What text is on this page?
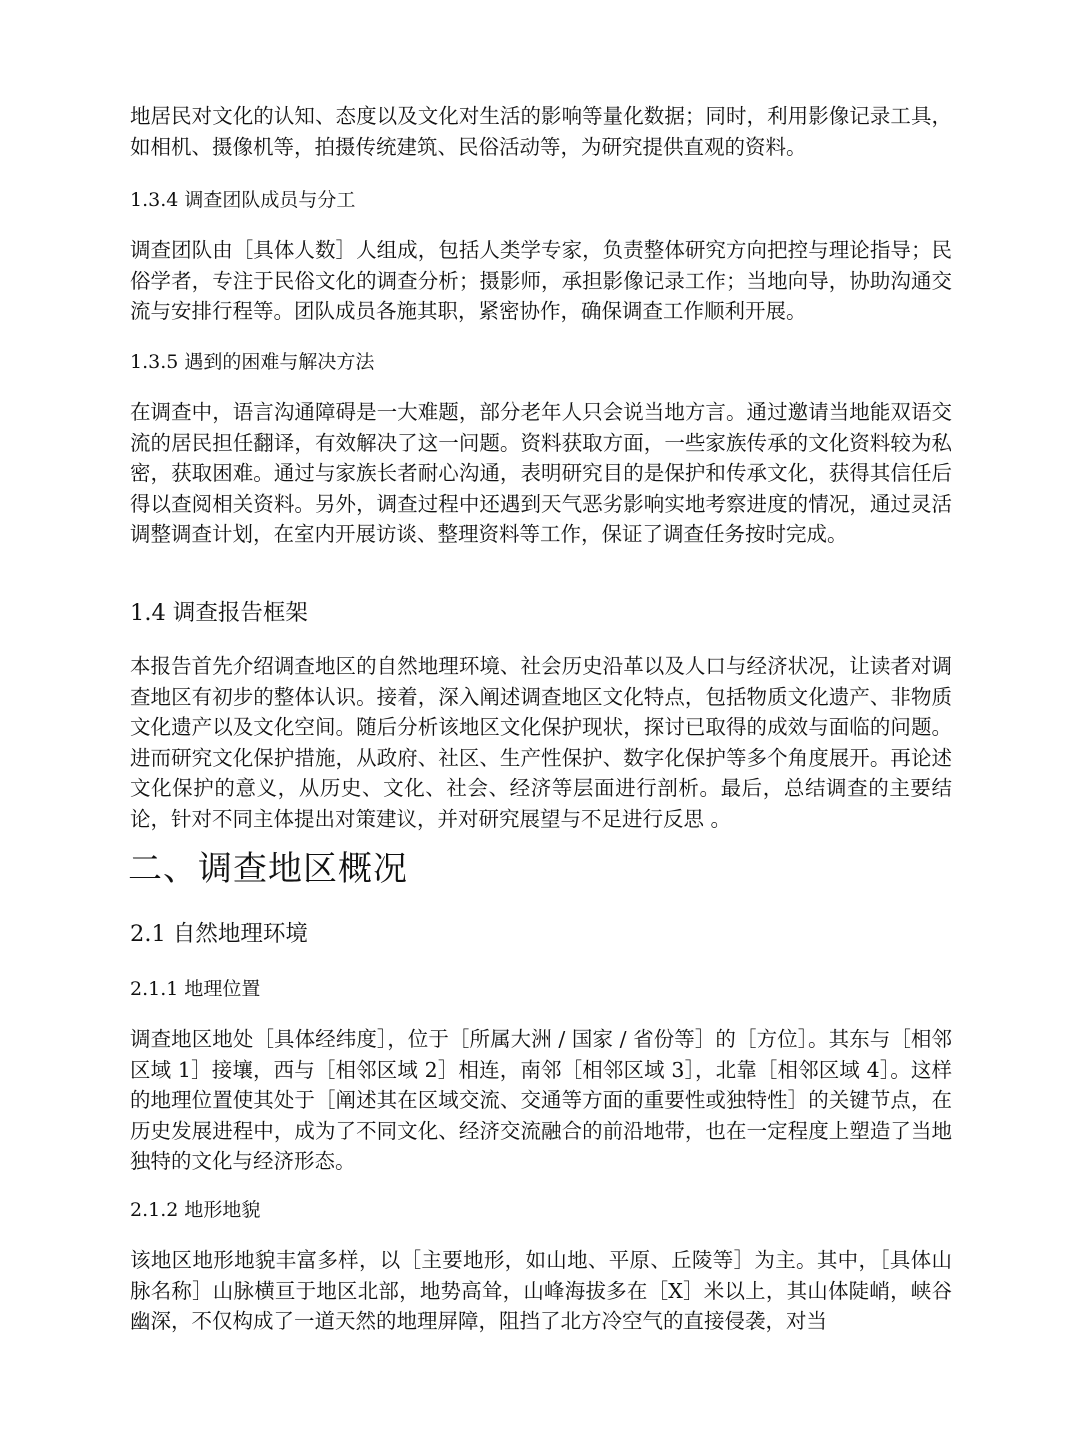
地居民对文化的认知、态度以及文化对生活的影响等量化数据；同时，利用影像记录工具，如相机、摄像机等，拍摄传统建筑、民俗活动等，为研究提供直观的资料。

1.3.4 调查团队成员与分工

调查团队由［具体人数］人组成，包括人类学专家，负责整体研究方向把控与理论指导；民俗学者，专注于民俗文化的调查分析；摄影师，承担影像记录工作；当地向导，协助沟通交流与安排行程等。团队成员各施其职，紧密协作，确保调查工作顺利开展。

1.3.5 遇到的困难与解决方法

在调查中，语言沟通障碍是一大难题，部分老年人只会说当地方言。通过邀请当地能双语交流的居民担任翻译，有效解决了这一问题。资料获取方面，一些家族传承的文化资料较为私密，获取困难。通过与家族长者耐心沟通，表明研究目的是保护和传承文化，获得其信任后得以查阅相关资料。另外，调查过程中还遇到天气恶劣影响实地考察进度的情况，通过灵活调整调查计划，在室内开展访谈、整理资料等工作，保证了调查任务按时完成。

1.4 调查报告框架

本报告首先介绍调查地区的自然地理环境、社会历史沿革以及人口与经济状况，让读者对调查地区有初步的整体认识。接着，深入阐述调查地区文化特点，包括物质文化遗产、非物质文化遗产以及文化空间。随后分析该地区文化保护现状，探讨已取得的成效与面临的问题。进而研究文化保护措施，从政府、社区、生产性保护、数字化保护等多个角度展开。再论述文化保护的意义，从历史、文化、社会、经济等层面进行剖析。最后，总结调查的主要结论，针对不同主体提出对策建议，并对研究展望与不足进行反思 。

二、调查地区概况
2.1 自然地理环境
2.1.1 地理位置

调查地区地处［具体经纬度］，位于［所属大洲 / 国家 / 省份等］的［方位］。其东与［相邻区域 1］接壤，西与［相邻区域 2］相连，南邻［相邻区域 3］，北靠［相邻区域 4］。这样的地理位置使其处于［阐述其在区域交流、交通等方面的重要性或独特性］的关键节点，在历史发展进程中，成为了不同文化、经济交流融合的前沿地带，也在一定程度上塑造了当地独特的文化与经济形态。

2.1.2 地形地貌

该地区地形地貌丰富多样，以［主要地形，如山地、平原、丘陵等］为主。其中，［具体山脉名称］山脉横亘于地区北部，地势高耸，山峰海拔多在［X］米以上，其山体陡峭，峡谷幽深，不仅构成了一道天然的地理屏障，阻挡了北方冷空气的直接侵袭，对当
